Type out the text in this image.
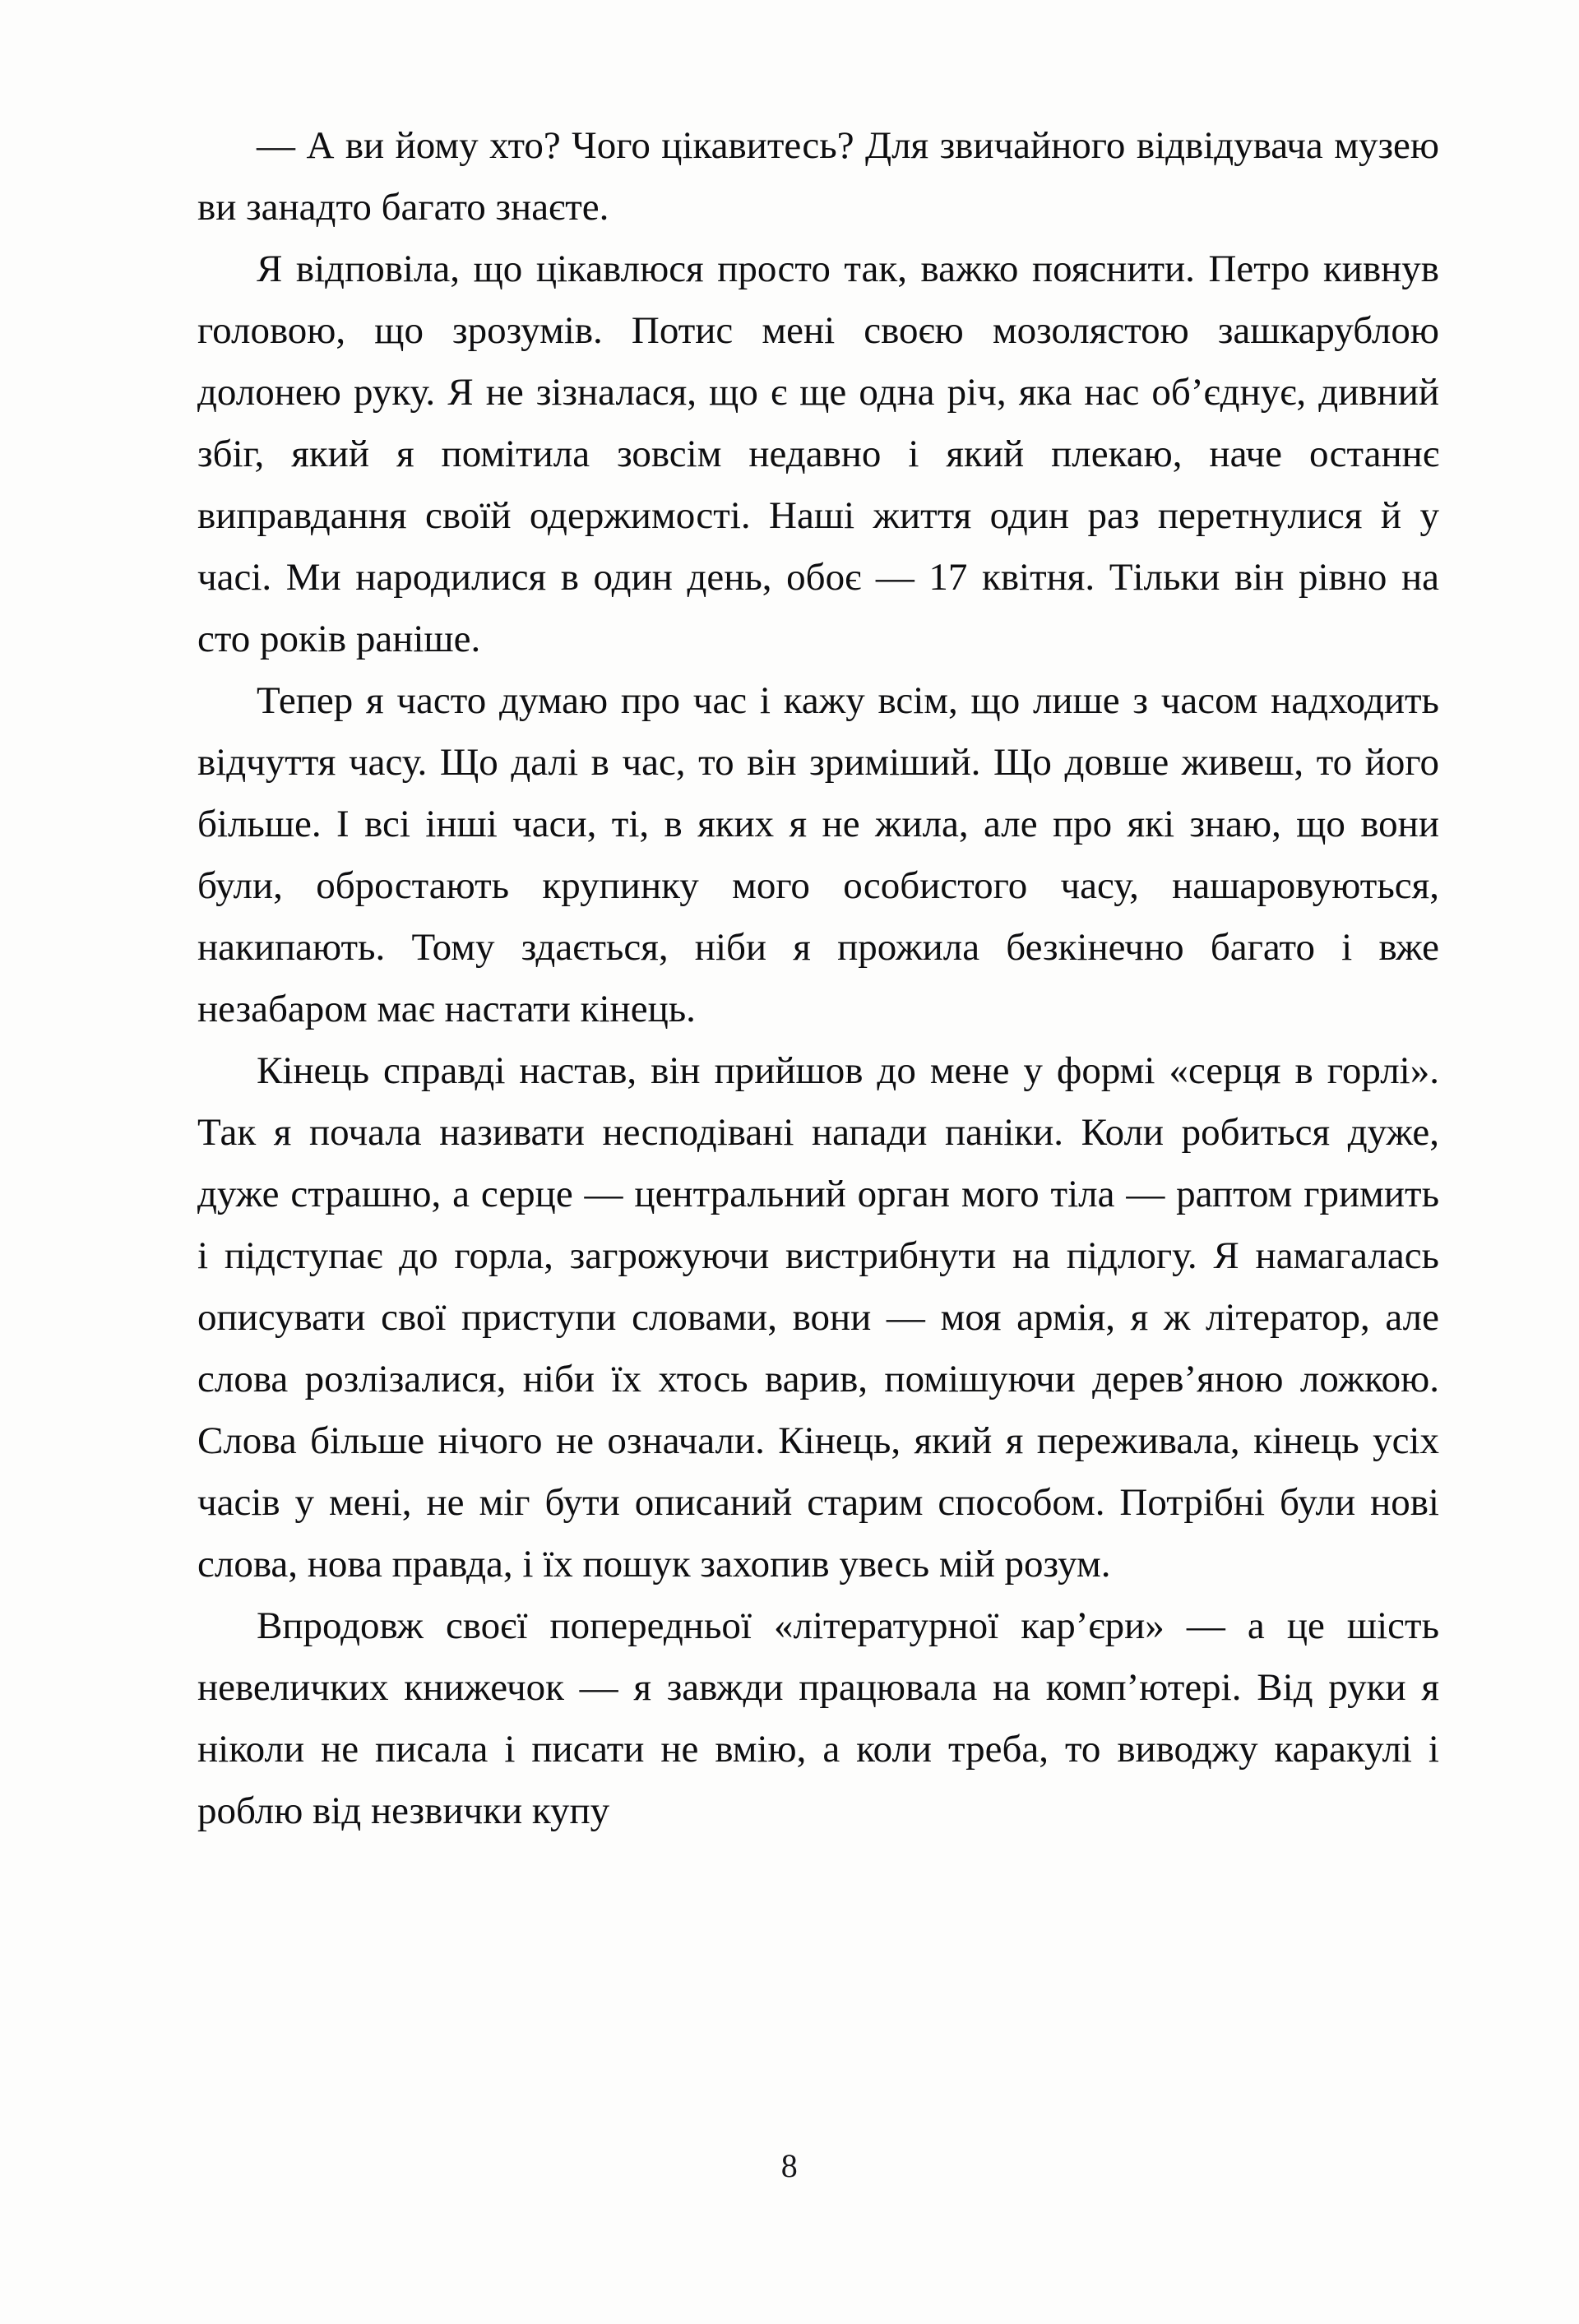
— А ви йому хто? Чого цікавитесь? Для звичайного відвідувача музею ви занадто багато знаєте.

Я відповіла, що цікавлюся просто так, важко пояснити. Петро кивнув головою, що зрозумів. Потис мені своєю мозолястою зашкарублою долонею руку. Я не зізналася, що є ще одна річ, яка нас об’єднує, дивний збіг, який я помітила зовсім недавно і який плекаю, наче останнє виправдання своїй одержимості. Наші життя один раз перетнулися й у часі. Ми народилися в один день, обоє — 17 квітня. Тільки він рівно на сто років раніше.

Тепер я часто думаю про час і кажу всім, що лише з часом надходить відчуття часу. Що далі в час, то він зриміший. Що довше живеш, то його більше. І всі інші часи, ті, в яких я не жила, але про які знаю, що вони були, обростають крупинку мого особистого часу, нашаровуються, накипають. Тому здається, ніби я прожила безкінечно багато і вже незабаром має настати кінець.

Кінець справді настав, він прийшов до мене у формі «серця в горлі». Так я почала називати несподівані напади паніки. Коли робиться дуже, дуже страшно, а серце — центральний орган мого тіла — раптом гримить і підступає до горла, загрожуючи вистрибнути на підлогу. Я намагалась описувати свої приступи словами, вони — моя армія, я ж літератор, але слова розлізалися, ніби їх хтось варив, помішуючи дерев’яною ложкою. Слова більше нічого не означали. Кінець, який я переживала, кінець усіх часів у мені, не міг бути описаний старим способом. Потрібні були нові слова, нова правда, і їх пошук захопив увесь мій розум.

Впродовж своєї попередньої «літературної кар’єри» — а це шість невеличких книжечок — я завжди працювала на комп’ютері. Від руки я ніколи не писала і писати не вмію, а коли треба, то виводжу каракулі і роблю від незвички купу

8
